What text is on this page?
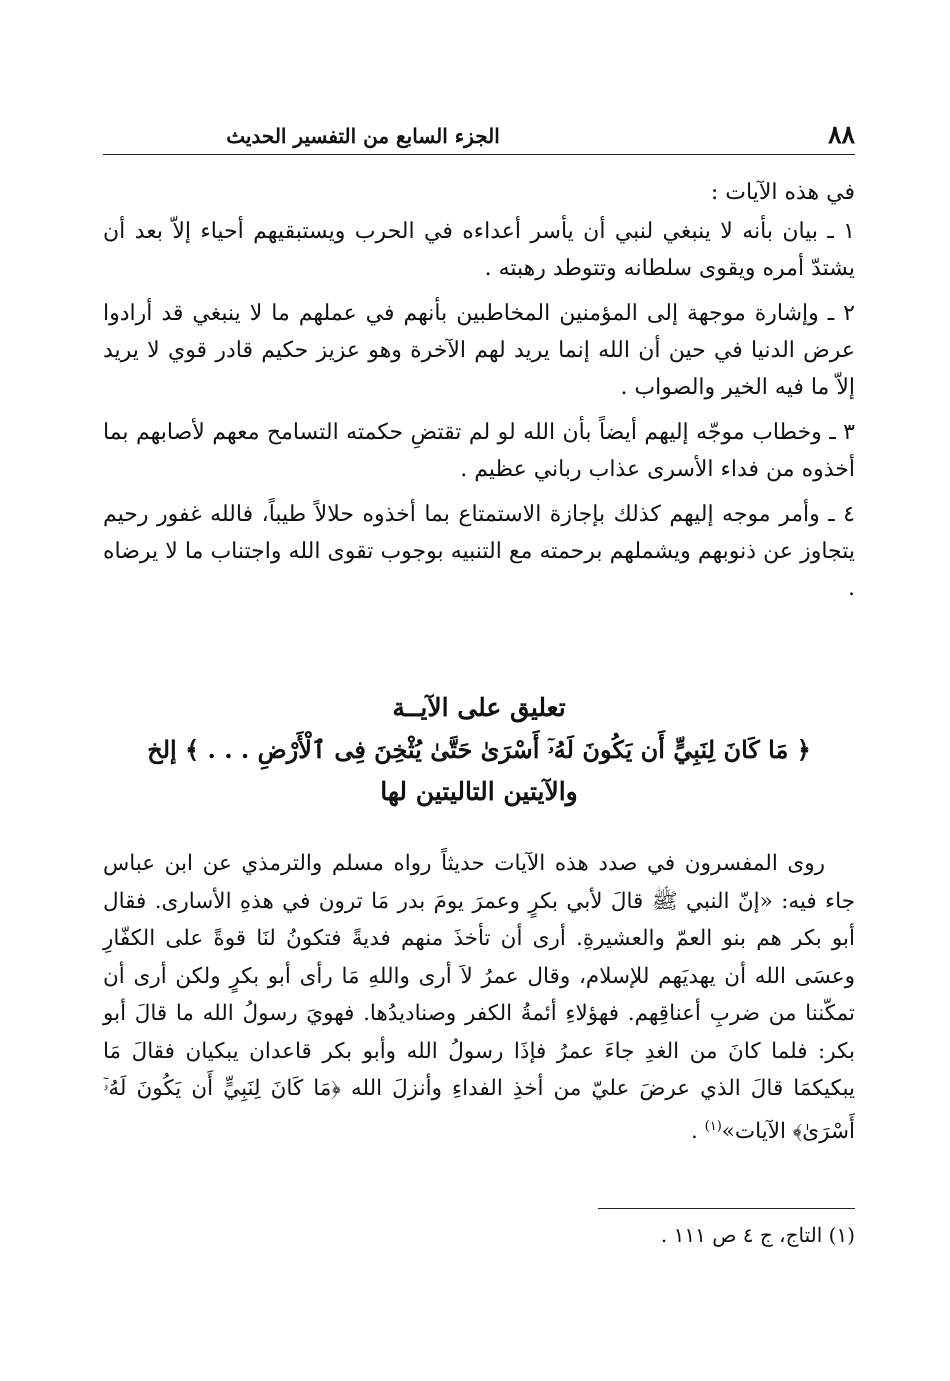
٨٨
الجزء السابع من التفسير الحديث

في هذه الآيات :

١ ـ بيان بأنه لا ينبغي لنبي أن يأسر أعداءه في الحرب ويستبقيهم أحياء إلاّ بعد أن يشتدّ أمره ويقوى سلطانه وتتوطد رهبته .

٢ ـ وإشارة موجهة إلى المؤمنين المخاطبين بأنهم في عملهم ما لا ينبغي قد أرادوا عرض الدنيا في حين أن الله إنما يريد لهم الآخرة وهو عزيز حكيم قادر قوي لا يريد إلاّ ما فيه الخير والصواب .

٣ ـ وخطاب موجّه إليهم أيضاً بأن الله لو لم تقتضِ حكمته التسامح معهم لأصابهم بما أخذوه من فداء الأسرى عذاب رباني عظيم .

٤ ـ وأمر موجه إليهم كذلك بإجازة الاستمتاع بما أخذوه حلالاً طيباً، فالله غفور رحيم يتجاوز عن ذنوبهم ويشملهم برحمته مع التنبيه بوجوب تقوى الله واجتناب ما لا يرضاه .

تعليق على الآيــة
﴿ مَا كَانَ لِنَبِيٍّ أَن يَكُونَ لَهُۥٓ أَسْرَىٰ حَتَّىٰ يُثْخِنَ فِى ٱلْأَرْضِ . . . ﴾ إلخ
والآيتين التاليتين لها

روى المفسرون في صدد هذه الآيات حديثاً رواه مسلم والترمذي عن ابن عباس جاء فيه: «إنّ النبي ﷺ قالَ لأبي بكرٍ وعمرَ يومَ بدر مَا ترون في هذهِ الأسارى. فقال أبو بكر هم بنو العمّ والعشيرةِ. أرى أن تأخذَ منهم فديةً فتكونُ لنَا قوةً على الكفّارِ وعسَى الله أن يهديَهم للإسلام، وقال عمرُ لاَ أرى واللهِ مَا رأى أبو بكرٍ ولكن أرى أن تمكّننا من ضربِ أعناقِهم. فهؤلاءِ أئمةُ الكفر وصناديدُها. فهويَ رسولُ الله ما قالَ أبو بكر: فلما كانَ من الغدِ جاءَ عمرُ فإذَا رسولُ الله وأبو بكر قاعدان يبكيان فقالَ مَا يبكيكمَا قالَ الذي عرضَ عليّ من أخذِ الفداءِ وأنزلَ الله ﴿مَا كَانَ لِنَبِيٍّ أَن يَكُونَ لَهُۥٓ أَسْرَىٰ﴾ الآيات»$^{(١)}$ .

(١) التاج، ج ٤ ص ١١١ .
